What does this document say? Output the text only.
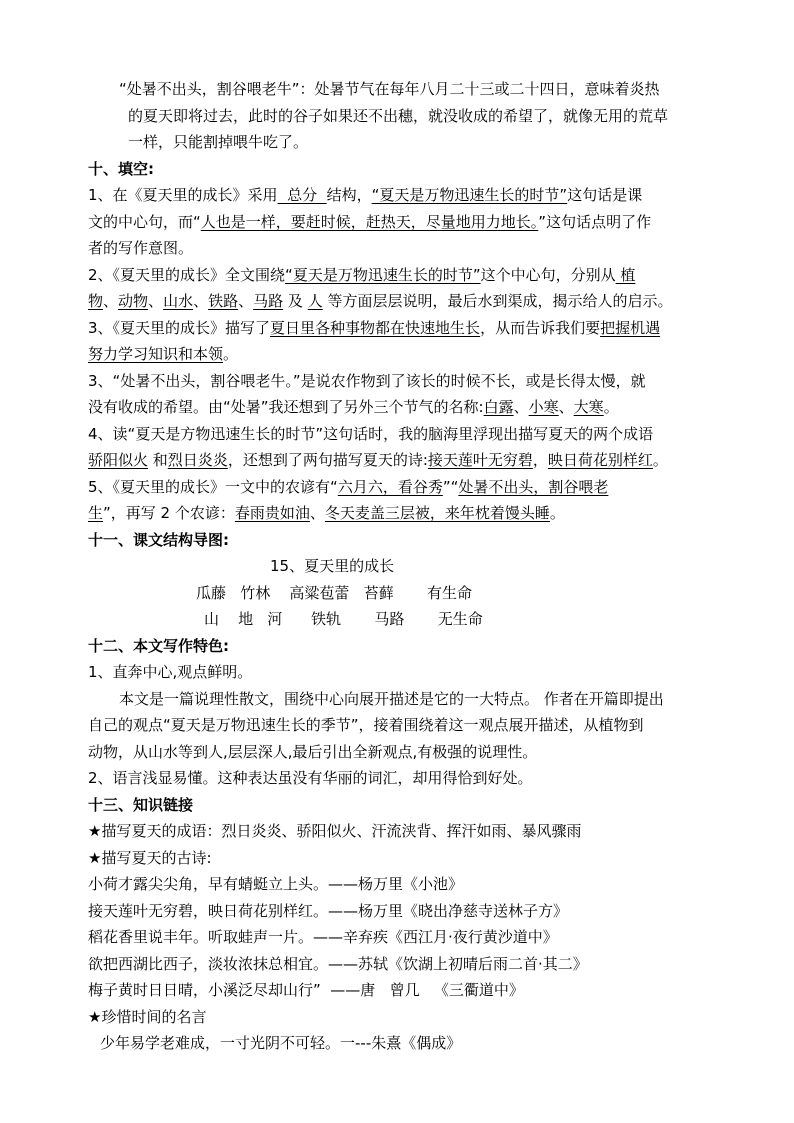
“处暑不出头，割谷喂老牛”：处暑节气在每年八月二十三或二十四日，意味着炎热
的夏天即将过去，此时的谷子如果还不出穗，就没收成的希望了，就像无用的荒草
一样，只能割掉喂牛吃了。
十、填空:
1、在《夏天里的成长》采用  总分  结构，“夏天是万物迅速生长的时节”这句话是课
文的中心句，而“人也是一样，要赶时候，赶热天，尽量地用力地长。”这句话点明了作
者的写作意图。
2、《夏天里的成长》全文围绕“夏天是万物迅速生长的时节”这个中心句，分别从 植
物、动物、山水、铁路、马路 及 人 等方面层层说明，最后水到渠成，揭示给人的启示。
3、《夏天里的成长》描写了夏日里各种事物都在快速地生长，从而告诉我们要把握机遇
努力学习知识和本领。
3、“处暑不出头，割谷喂老牛。”是说农作物到了该长的时候不长，或是长得太慢，就
没有收成的希望。由“处暑”我还想到了另外三个节气的名称:白露、小寒、大寒。
4、读“夏天是方物迅速生长的时节”这句话时，我的脑海里浮现出描写夏天的两个成语
骄阳似火 和烈日炎炎，还想到了两句描写夏天的诗:接天莲叶无穷碧，映日荷花别样红。
5、《夏天里的成长》一文中的农谚有“六月六，看谷秀”“处暑不出头，割谷喂老
生”，再写 2 个农谚：春雨贵如油、冬天麦盖三层被，来年枕着馒头睡。
十一、课文结构导图:
15、夏天里的成长
瓜藤   竹林    高粱苞蕾   苔藓       有生命
山    地   河      铁轨       马路       无生命
十二、本文写作特色:
1、直奔中心,观点鲜明。
本文是一篇说理性散文，围绕中心向展开描述是它的一大特点。 作者在开篇即提出
自己的观点“夏天是万物迅速生长的季节”，接着围绕着这一观点展开描述，从植物到
动物，从山水等到人,层层深人,最后引出全新观点,有极强的说理性。
2、语言浅显易懂。这种表达虽没有华丽的词汇，却用得恰到好处。
十三、知识链接
★描写夏天的成语：烈日炎炎、骄阳似火、汗流浃背、挥汗如雨、暴风骤雨
★描写夏天的古诗:
小荷才露尖尖角，早有蜻蜓立上头。——杨万里《小池》
接天莲叶无穷碧，映日荷花别样红。——杨万里《晓出净慈寺送林子方》
稻花香里说丰年。听取蛙声一片。——辛弃疾《西江月·夜行黄沙道中》
欲把西湖比西子，淡妆浓抹总相宜。——苏轼《饮湖上初晴后雨二首·其二》
梅子黄时日日晴，小溪泛尽却山行”  ——唐   曾几   《三衢道中》
★珍惜时间的名言
少年易学老难成，一寸光阴不可轻。一---朱熹《偶成》
